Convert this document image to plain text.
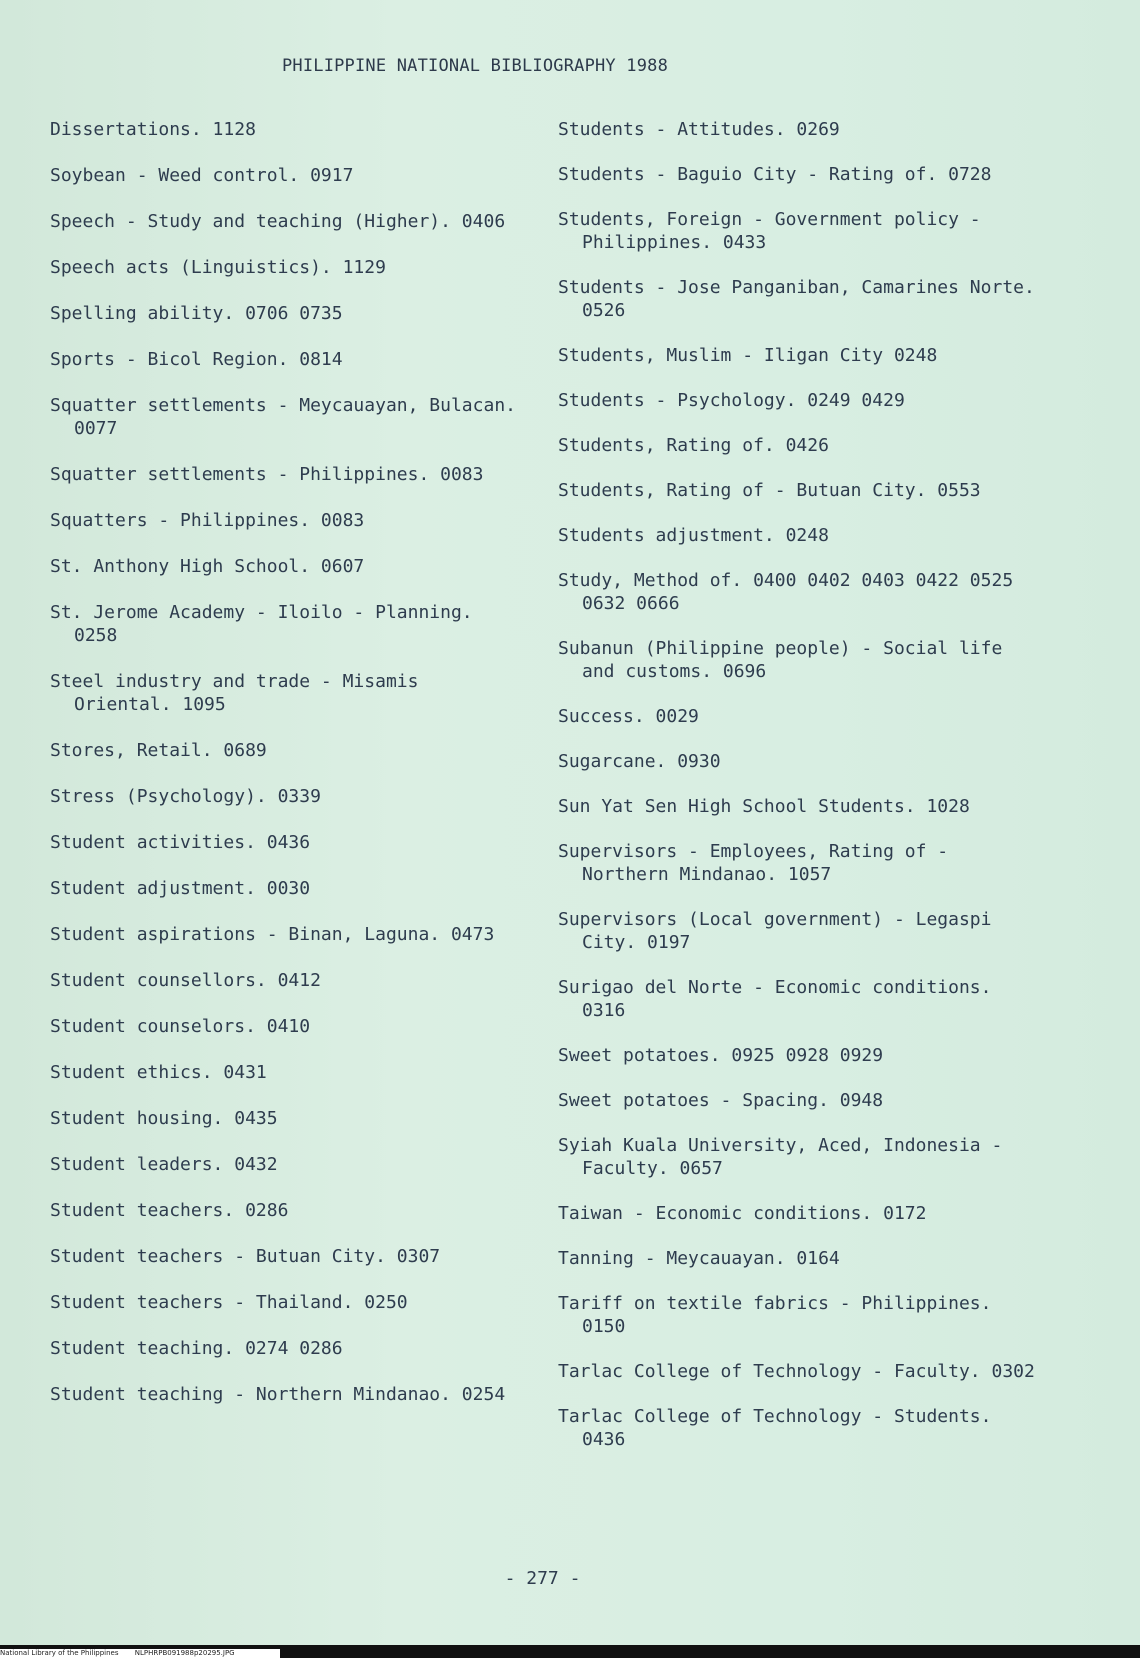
PHILIPPINE NATIONAL BIBLIOGRAPHY 1988
Dissertations. 1128
Soybean - Weed control. 0917
Speech - Study and teaching (Higher). 0406
Speech acts (Linguistics). 1129
Spelling ability. 0706 0735
Sports - Bicol Region. 0814
Squatter settlements - Meycauayan, Bulacan. 0077
Squatter settlements - Philippines. 0083
Squatters - Philippines. 0083
St. Anthony High School. 0607
St. Jerome Academy - Iloilo - Planning. 0258
Steel industry and trade - Misamis Oriental. 1095
Stores, Retail. 0689
Stress (Psychology). 0339
Student activities. 0436
Student adjustment. 0030
Student aspirations - Binan, Laguna. 0473
Student counsellors. 0412
Student counselors. 0410
Student ethics. 0431
Student housing. 0435
Student leaders. 0432
Student teachers. 0286
Student teachers - Butuan City. 0307
Student teachers - Thailand. 0250
Student teaching. 0274 0286
Student teaching - Northern Mindanao. 0254
Students - Attitudes. 0269
Students - Baguio City - Rating of. 0728
Students, Foreign - Government policy - Philippines. 0433
Students - Jose Panganiban, Camarines Norte. 0526
Students, Muslim - Iligan City 0248
Students - Psychology. 0249 0429
Students, Rating of. 0426
Students, Rating of - Butuan City. 0553
Students adjustment. 0248
Study, Method of. 0400 0402 0403 0422 0525 0632 0666
Subanun (Philippine people) - Social life and customs. 0696
Success. 0029
Sugarcane. 0930
Sun Yat Sen High School Students. 1028
Supervisors - Employees, Rating of - Northern Mindanao. 1057
Supervisors (Local government) - Legaspi City. 0197
Surigao del Norte - Economic conditions. 0316
Sweet potatoes. 0925 0928 0929
Sweet potatoes - Spacing. 0948
Syiah Kuala University, Aced, Indonesia - Faculty. 0657
Taiwan - Economic conditions. 0172
Tanning - Meycauayan. 0164
Tariff on textile fabrics - Philippines. 0150
Tarlac College of Technology - Faculty. 0302
Tarlac College of Technology - Students. 0436
- 277 -
National Library of the Philippines NLPHRPB091988p20295.JPG
